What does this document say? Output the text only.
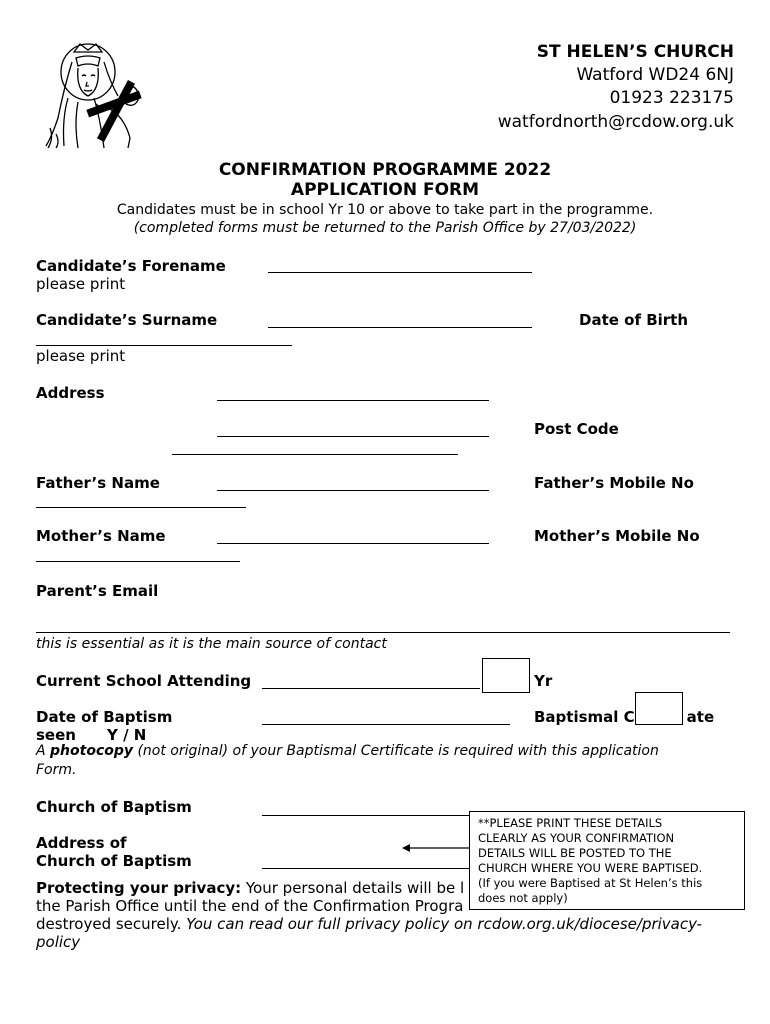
ST HELEN’S CHURCH
Watford WD24 6NJ
01923 223175
watfordnorth@rcdow.org.uk
CONFIRMATION PROGRAMME 2022
APPLICATION FORM
Candidates must be in school Yr 10 or above to take part in the programme.
(completed forms must be returned to the Parish Office by 27/03/2022)
Candidate’s Forename
please print
Candidate’s Surname	Date of Birth
please print
Address
Post Code
Father’s Name	Father’s Mobile No
Mother’s Name	Mother’s Mobile No
Parent’s Email
this is essential as it is the main source of contact
Current School Attending	Yr
Date of Baptism	Baptismal C	ate
seen Y / N
A photocopy (not original) of your Baptismal Certificate is required with this application
Form.
Church of Baptism
Address of
Church of Baptism
Protecting your privacy: Your personal details will be l
the Parish Office until the end of the Confirmation Progra
destroyed securely. You can read our full privacy policy on rcdow.org.uk/diocese/privacy-
policy
**PLEASE PRINT THESE DETAILS
CLEARLY AS YOUR CONFIRMATION
DETAILS WILL BE POSTED TO THE
CHURCH WHERE YOU WERE BAPTISED.
(If you were Baptised at St Helen’s this
does not apply)
